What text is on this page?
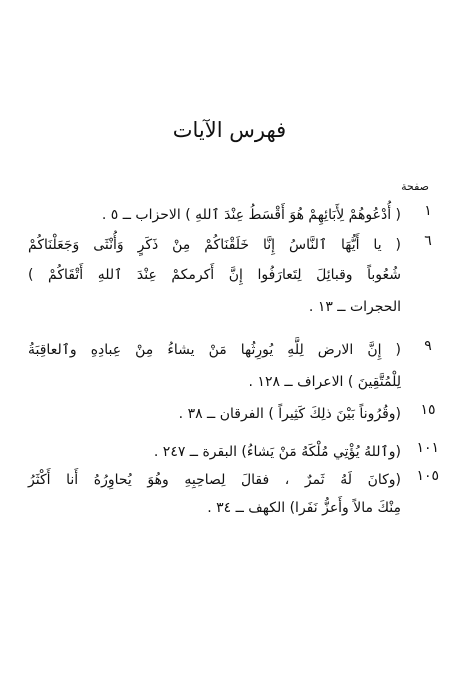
فهرس الآيات
صفحة
١
( أُدْعُوهُمْ لِأَبَائِهِمْ هُوَ أَقْسَطُ عِنْدَ ٱللهِ ) الاحزاب ــ ٥ .
٦
( يا أَيُّهَا ٱلنَّاسُ إِنَّا خَلَقْنَاكُمْ مِنْ ذَكَرٍ وَأُنْثَى وَجَعَلْنَاكُمْ
شُعُوباً وقبائِلَ لِتَعارَفُوا إِنَّ أَكرمكمْ عِنْدَ ٱللهِ أَتْقَاكُمْ )
الحجرات ــ ١٣ .
٩
( إِنَّ الارض لِلَّهِ يُورِثُها مَنْ يشاءُ مِنْ عِبادِهِ وٱلعاقِبَةُ
لِلْمُتَّقِينَ ) الاعراف ــ ١٢٨ .
١٥
(وقُرُوناً بَيْنَ ذلِكَ كَثِيراً ) الفرقان ــ ٣٨ .
١٠١
(وٱللهُ يُؤْتِي مُلْكَهُ مَنْ يَشاءُ) البقرة ــ ٢٤٧ .
١٠٥
(وكانَ لَهُ ثَمرٌ ، فقالَ لِصاحِبِهِ وهُوَ يُحاوِرُهُ أَنا أَكْثَرُ
مِنْكَ مالاً وأَعزُّ نَفَرا) الكهف ــ ٣٤ .
